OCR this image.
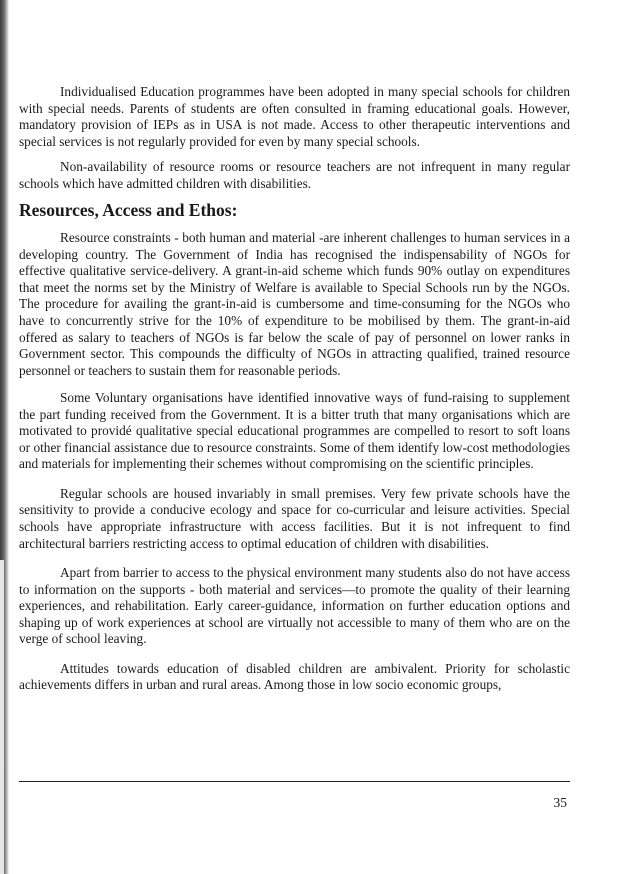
Individualised Education programmes have been adopted in many special schools for children with special needs. Parents of students are often consulted in framing educational goals. However, mandatory provision of IEPs as in USA is not made. Access to other therapeutic interventions and special services is not regularly provided for even by many special schools.

Non-availability of resource rooms or resource teachers are not infrequent in many regular schools which have admitted children with disabilities.

Resources, Access and Ethos:

Resource constraints - both human and material -are inherent challenges to human services in a developing country. The Government of India has recognised the indispensability of NGOs for effective qualitative service-delivery. A grant-in-aid scheme which funds 90% outlay on expenditures that meet the norms set by the Ministry of Welfare is available to Special Schools run by the NGOs. The procedure for availing the grant-in-aid is cumbersome and time-consuming for the NGOs who have to concurrently strive for the 10% of expenditure to be mobilised by them. The grant-in-aid offered as salary to teachers of NGOs is far below the scale of pay of personnel on lower ranks in Government sector. This compounds the difficulty of NGOs in attracting qualified, trained resource personnel or teachers to sustain them for reasonable periods.

Some Voluntary organisations have identified innovative ways of fund-raising to supplement the part funding received from the Government. It is a bitter truth that many organisations which are motivated to providé qualitative special educational programmes are compelled to resort to soft loans or other financial assistance due to resource constraints. Some of them identify low-cost methodologies and materials for implementing their schemes without compromising on the scientific principles.

Regular schools are housed invariably in small premises. Very few private schools have the sensitivity to provide a conducive ecology and space for co-curricular and leisure activities. Special schools have appropriate infrastructure with access facilities. But it is not infrequent to find architectural barriers restricting access to optimal education of children with disabilities.

Apart from barrier to access to the physical environment many students also do not have access to information on the supports - both material and services—to promote the quality of their learning experiences, and rehabilitation. Early career-guidance, information on further education options and shaping up of work experiences at school are virtually not accessible to many of them who are on the verge of school leaving.

Attitudes towards education of disabled children are ambivalent. Priority for scholastic achievements differs in urban and rural areas. Among those in low socio economic groups,

35
